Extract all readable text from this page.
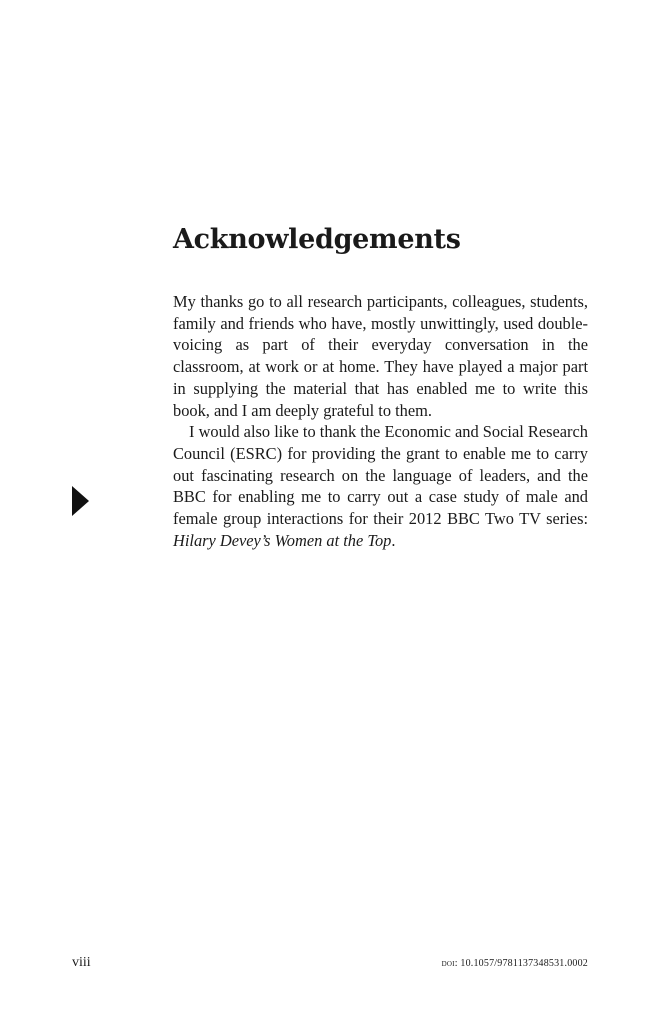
Acknowledgements

My thanks go to all research participants, colleagues, students, family and friends who have, mostly unwittingly, used double-voicing as part of their everyday conversation in the classroom, at work or at home. They have played a major part in supplying the material that has enabled me to write this book, and I am deeply grateful to them.

I would also like to thank the Economic and Social Research Council (ESRC) for providing the grant to enable me to carry out fascinating research on the language of leaders, and the BBC for enabling me to carry out a case study of male and female group interactions for their 2012 BBC Two TV series: Hilary Devey’s Women at the Top.

viii	doi: 10.1057/9781137348531.0002
